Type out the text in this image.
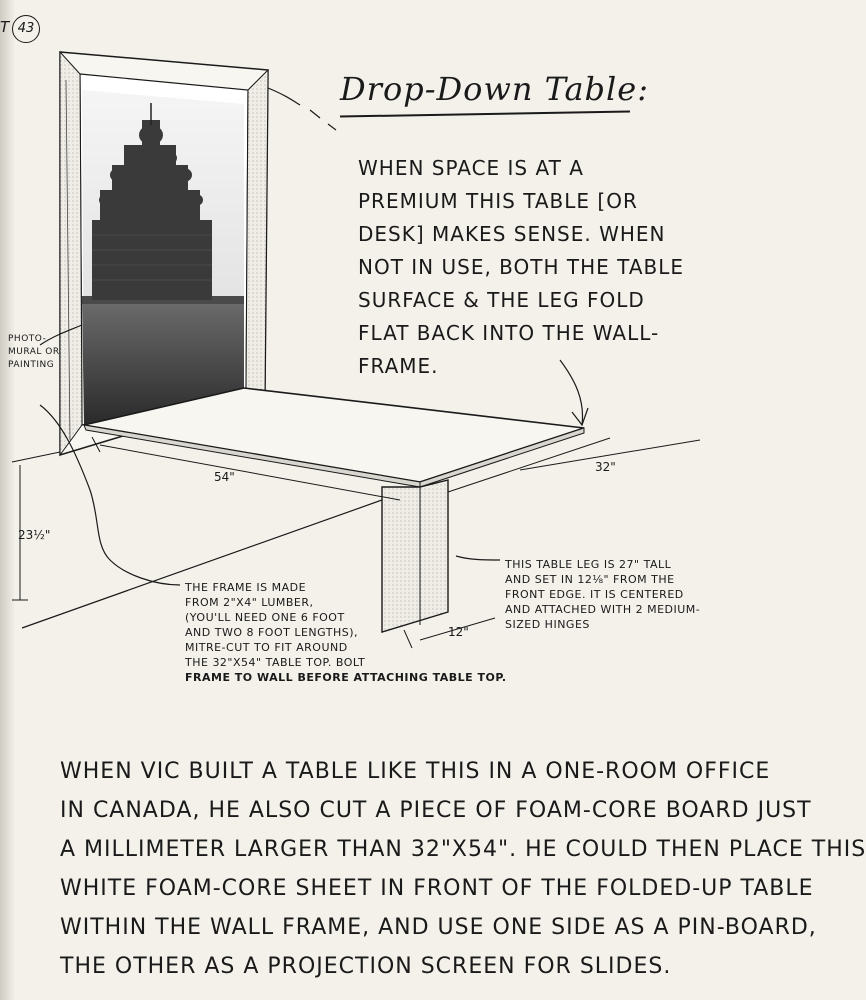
T 43
Drop-Down Table:
WHEN SPACE IS AT A PREMIUM THIS TABLE [OR DESK] MAKES SENSE. WHEN NOT IN USE, BOTH THE TABLE SURFACE & THE LEG FOLD FLAT BACK INTO THE WALL-FRAME.
PHOTO-MURAL OR PAINTING
54"
32"
23½"
12"
THE FRAME IS MADE
FROM 2"X4" LUMBER,
(YOU'LL NEED ONE 6 FOOT
AND TWO 8 FOOT LENGTHS),
MITRE-CUT TO FIT AROUND
THE 32"X54" TABLE TOP. BOLT
FRAME TO WALL BEFORE ATTACHING TABLE TOP.
THIS TABLE LEG IS 27" TALL
AND SET IN 12⅛" FROM THE
FRONT EDGE. IT IS CENTERED
AND ATTACHED WITH 2 MEDIUM-
SIZED HINGES
WHEN VIC BUILT A TABLE LIKE THIS IN A ONE-ROOM OFFICE
IN CANADA, HE ALSO CUT A PIECE OF FOAM-CORE BOARD JUST
A MILLIMETER LARGER THAN 32"X54". HE COULD THEN PLACE THIS
WHITE FOAM-CORE SHEET IN FRONT OF THE FOLDED-UP TABLE
WITHIN THE WALL FRAME, AND USE ONE SIDE AS A PIN-BOARD,
THE OTHER AS A PROJECTION SCREEN FOR SLIDES.
